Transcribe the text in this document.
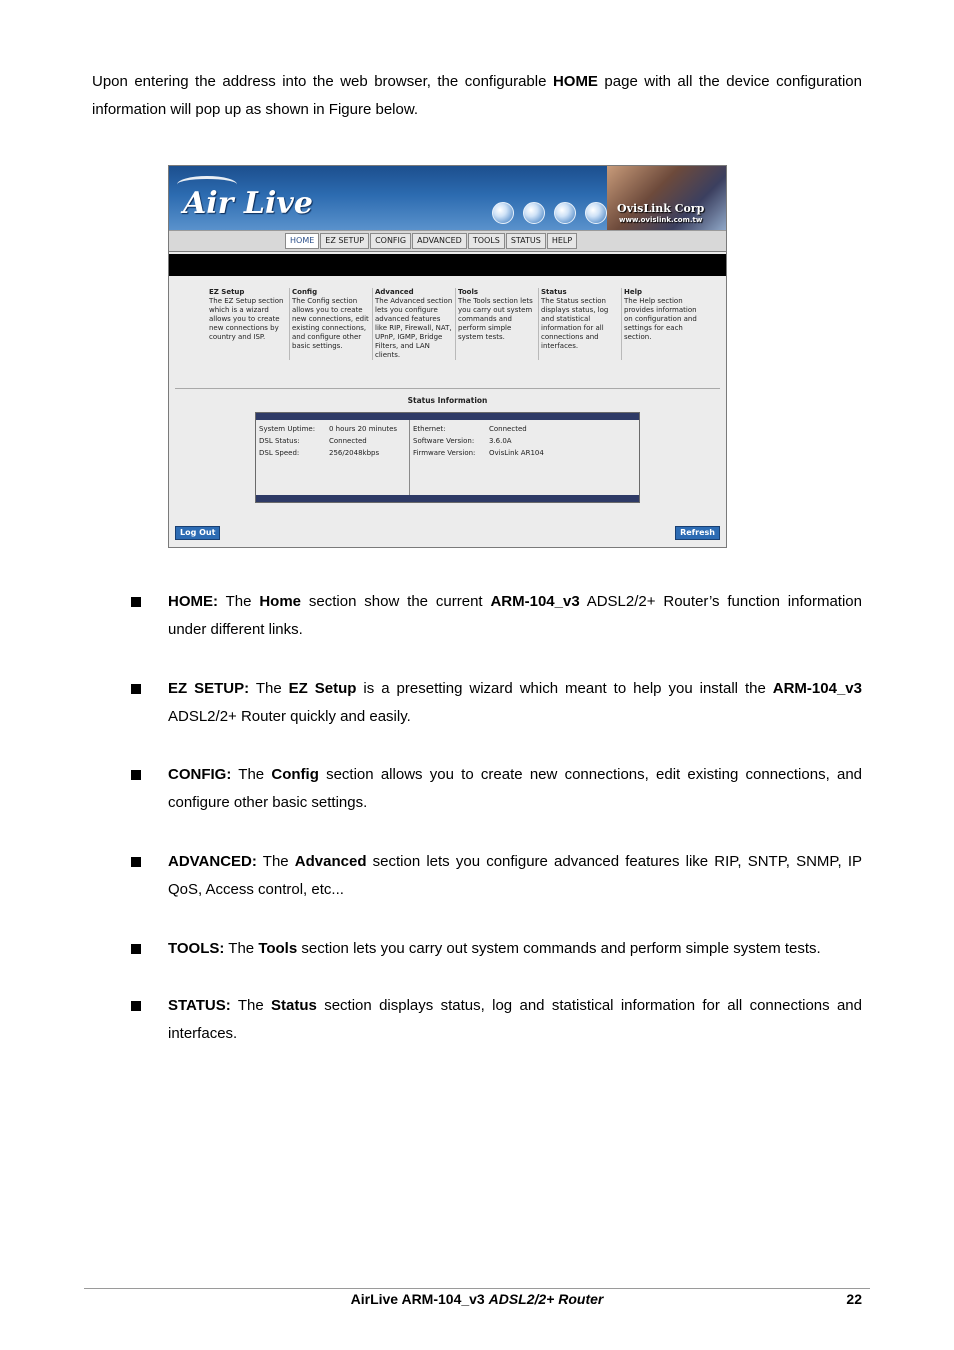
Upon entering the address into the web browser, the configurable HOME page with all the device configuration information will pop up as shown in Figure below.
Air Live	OvisLink Corp
www.ovislink.com.tw
HOME	EZ SETUP	CONFIG	ADVANCED	TOOLS	STATUS	HELP
EZ Setup
The EZ Setup section which is a wizard allows you to create new connections by country and ISP.
Config
The Config section allows you to create new connections, edit existing connections, and configure other basic settings.
Advanced
The Advanced section lets you configure advanced features like RIP, Firewall, NAT, UPnP, IGMP, Bridge Filters, and LAN clients.
Tools
The Tools section lets you carry out system commands and perform simple system tests.
Status
The Status section displays status, log and statistical information for all connections and interfaces.
Help
The Help section provides information on configuration and settings for each section.
Status Information
System Uptime:	0 hours 20 minutes
DSL Status:	Connected
DSL Speed:	256/2048kbps
Ethernet:	Connected
Software Version:	3.6.0A
Firmware Version:	OvisLink AR104
Log Out	Refresh
HOME: The Home section show the current ARM-104_v3 ADSL2/2+ Router’s function information under different links.
EZ SETUP: The EZ Setup is a presetting wizard which meant to help you install the ARM-104_v3 ADSL2/2+ Router quickly and easily.
CONFIG: The Config section allows you to create new connections, edit existing connections, and configure other basic settings.
ADVANCED: The Advanced section lets you configure advanced features like RIP, SNTP, SNMP, IP QoS, Access control, etc...
TOOLS: The Tools section lets you carry out system commands and perform simple system tests.
STATUS: The Status section displays status, log and statistical information for all connections and interfaces.
AirLive ARM-104_v3 ADSL2/2+ Router	22
